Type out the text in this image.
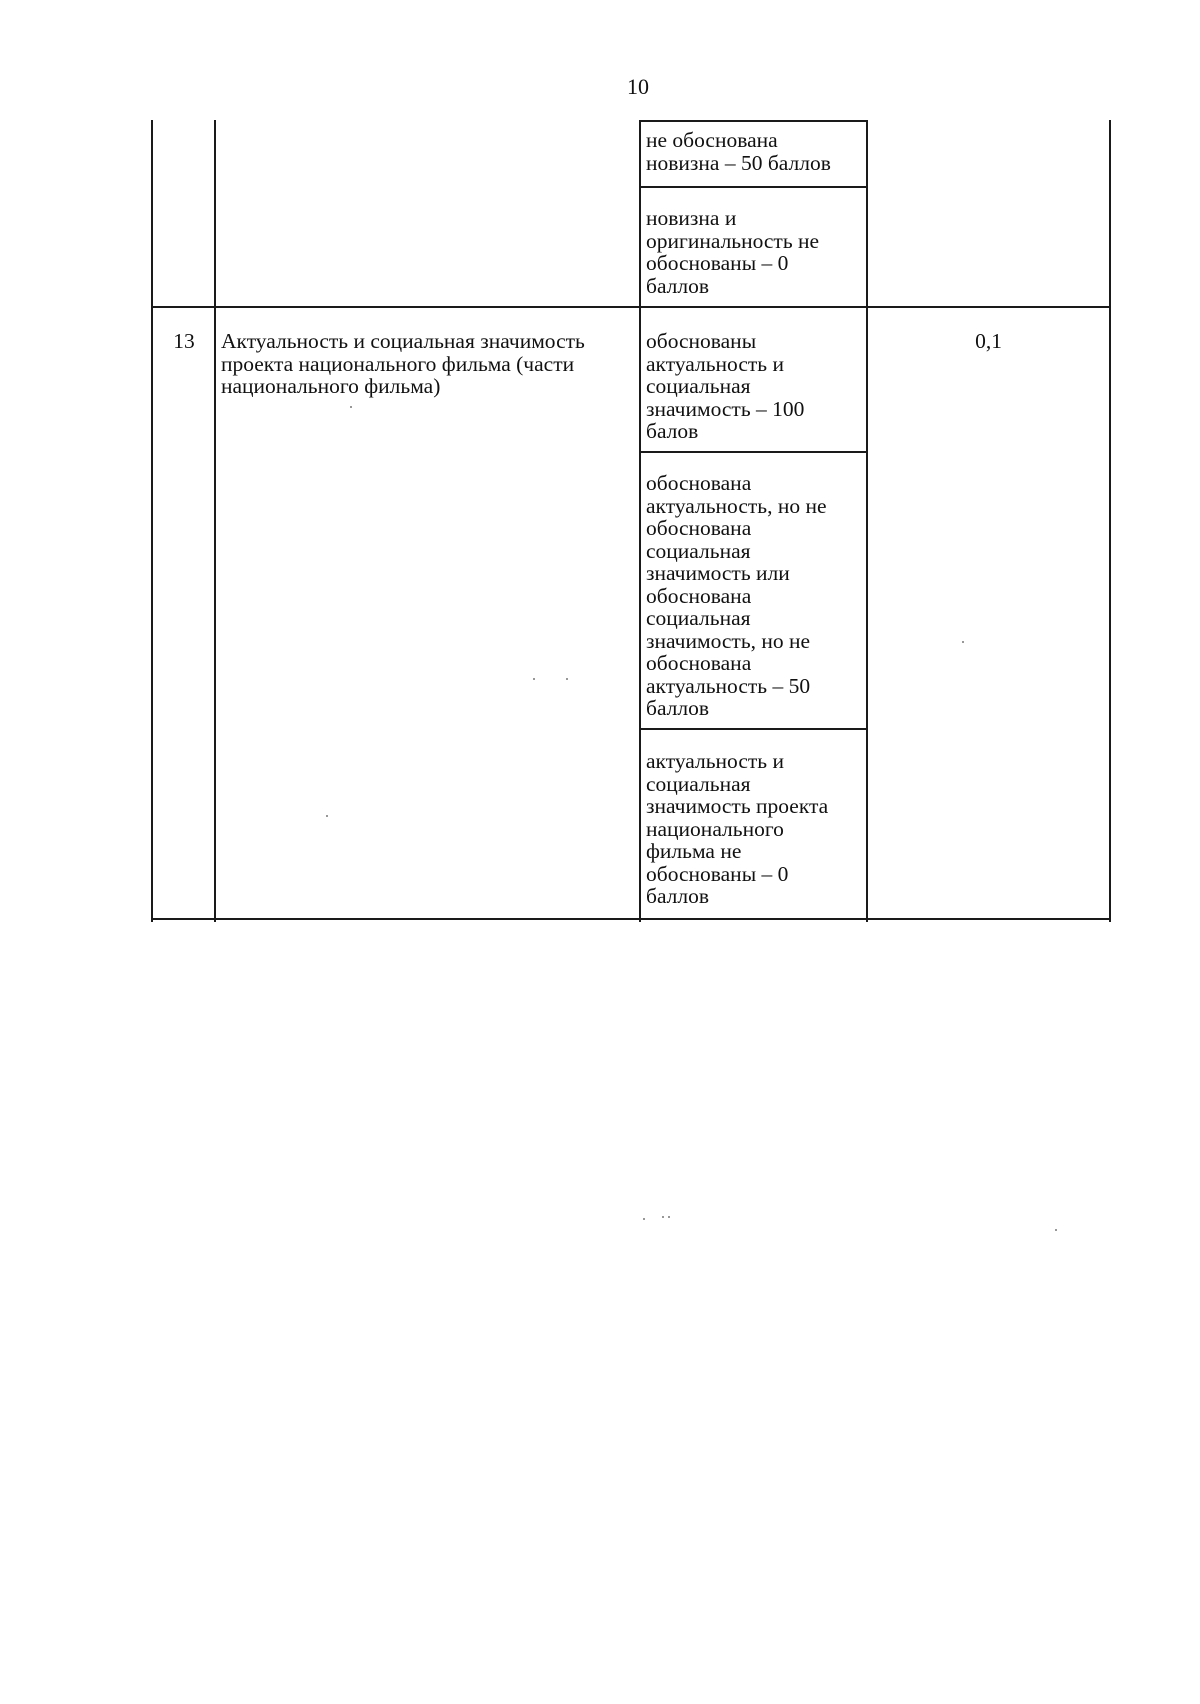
10
не обоснована
новизна – 50 баллов
новизна и
оригинальность не
обоснованы – 0
баллов
13	Актуальность и социальная значимость
проекта национального фильма (части
национального фильма)
обоснованы
актуальность и
социальная
значимость – 100
балов
обоснована
актуальность, но не
обоснована
социальная
значимость или
обоснована
социальная
значимость, но не
обоснована
актуальность – 50
баллов
актуальность и
социальная
значимость проекта
национального
фильма не
обоснованы – 0
баллов
0,1
